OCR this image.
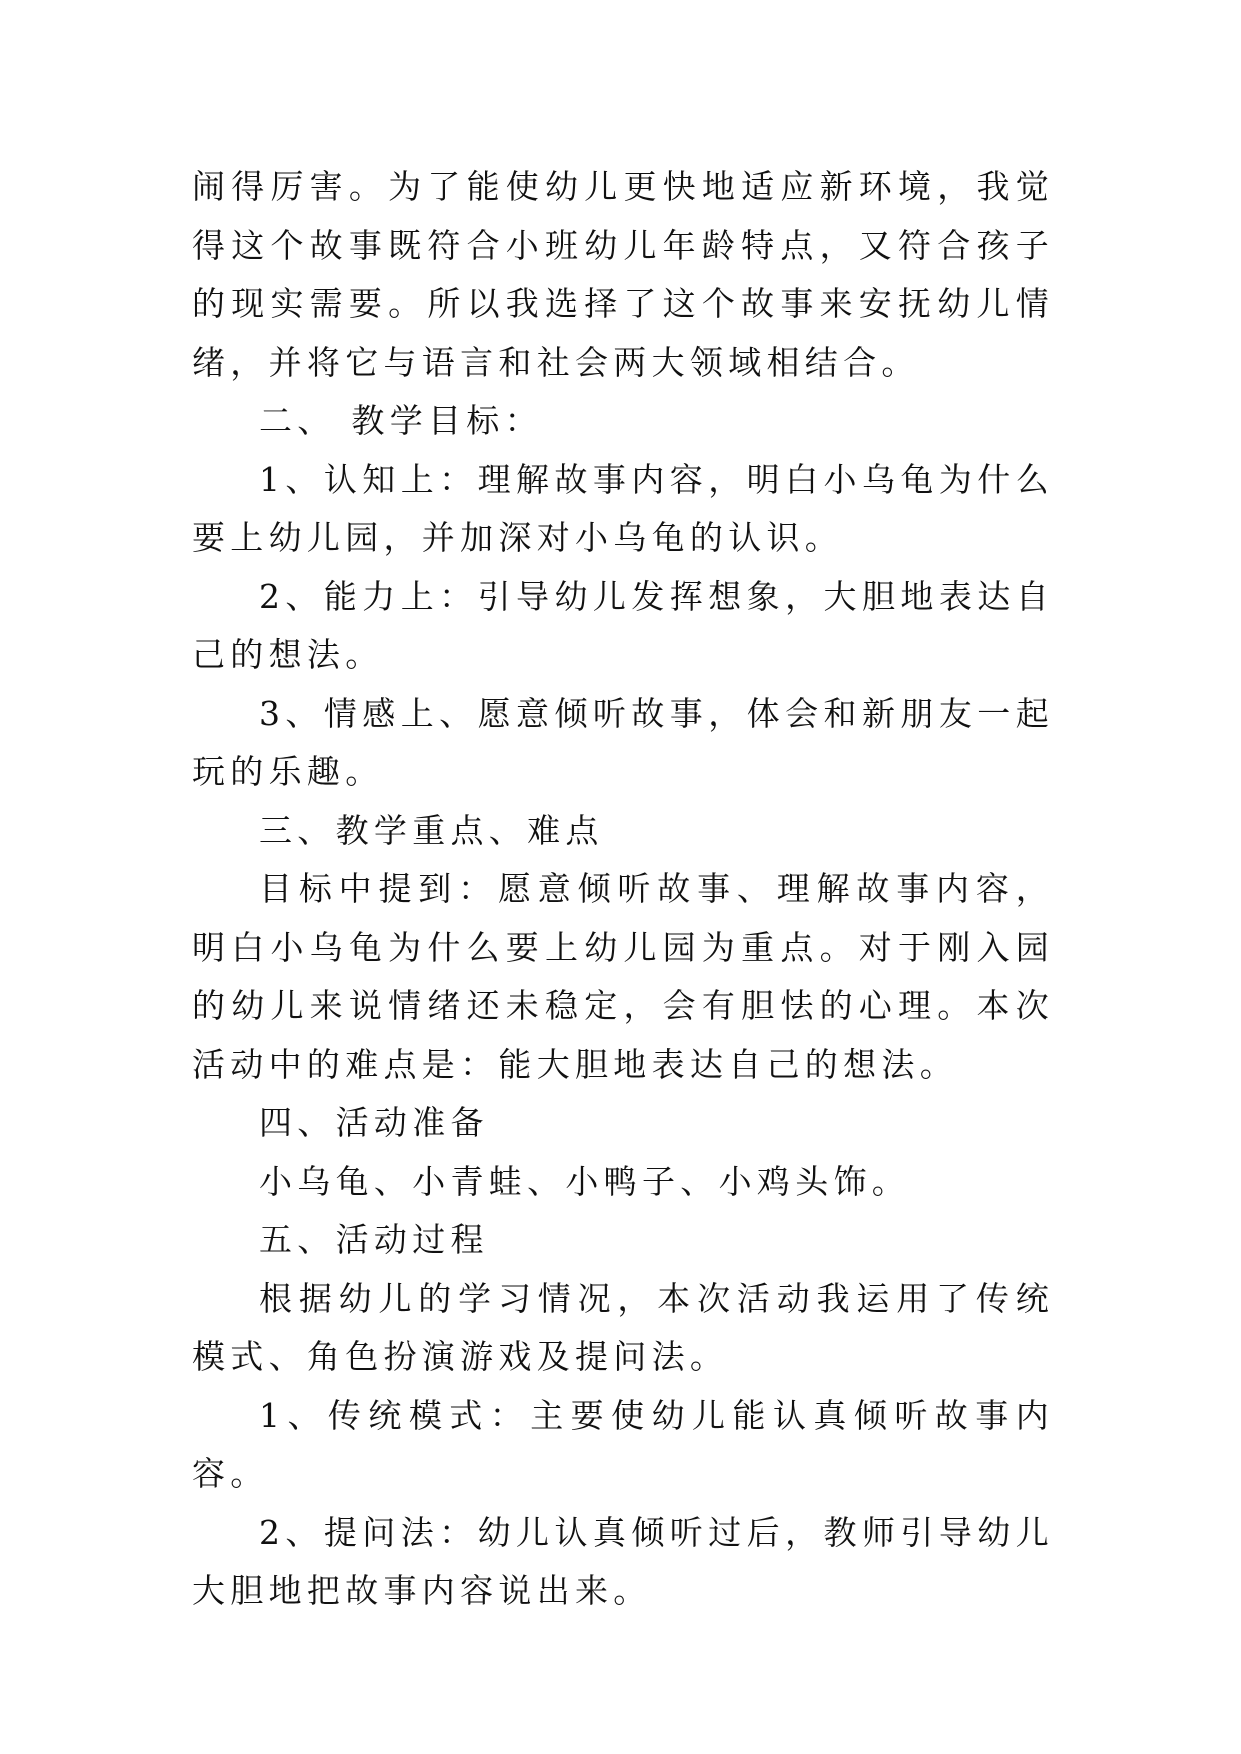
闹得厉害。为了能使幼儿更快地适应新环境，我觉得这个故事既符合小班幼儿年龄特点，又符合孩子的现实需要。所以我选择了这个故事来安抚幼儿情绪，并将它与语言和社会两大领域相结合。

二、 教学目标：

1、认知上：理解故事内容，明白小乌龟为什么要上幼儿园，并加深对小乌龟的认识。

2、能力上：引导幼儿发挥想象，大胆地表达自己的想法。

3、情感上、愿意倾听故事，体会和新朋友一起玩的乐趣。

三、教学重点、难点

目标中提到：愿意倾听故事、理解故事内容，明白小乌龟为什么要上幼儿园为重点。对于刚入园的幼儿来说情绪还未稳定，会有胆怯的心理。本次活动中的难点是：能大胆地表达自己的想法。

四、活动准备

小乌龟、小青蛙、小鸭子、小鸡头饰。

五、活动过程

根据幼儿的学习情况，本次活动我运用了传统模式、角色扮演游戏及提问法。

1、传统模式：主要使幼儿能认真倾听故事内容。

2、提问法：幼儿认真倾听过后，教师引导幼儿大胆地把故事内容说出来。
